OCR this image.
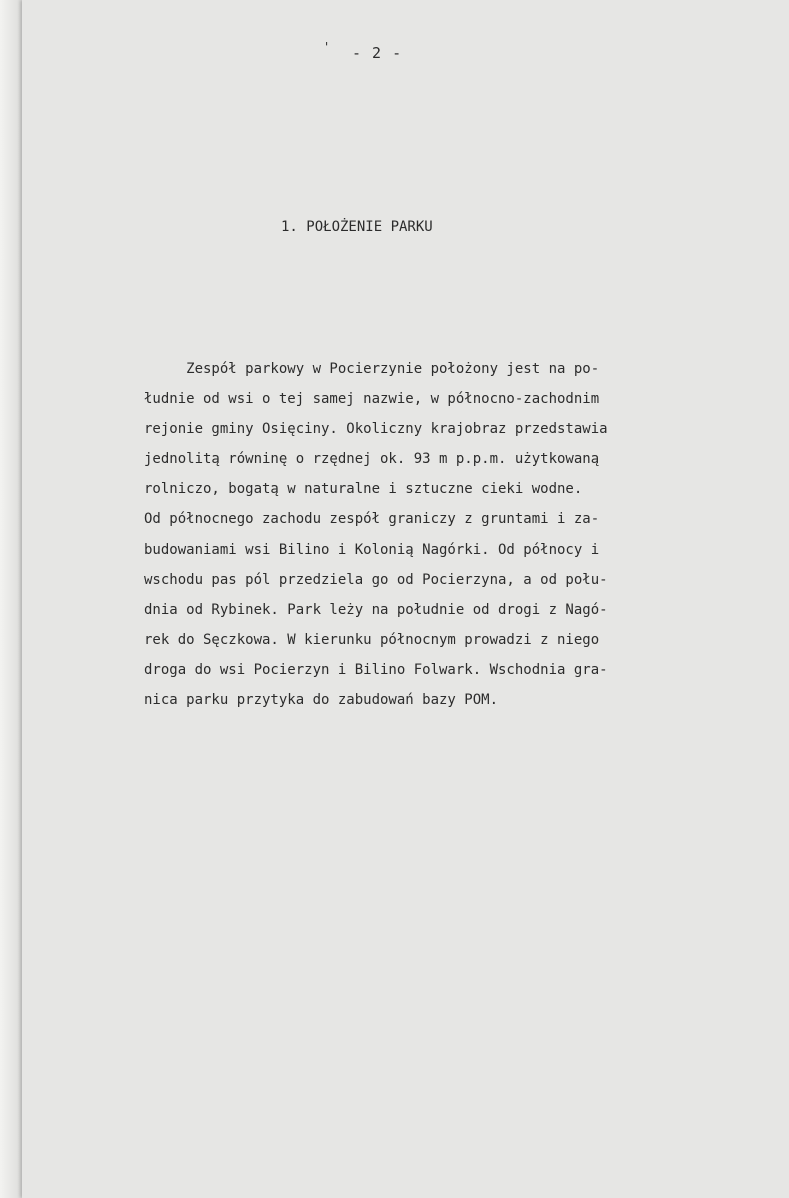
' - 2 -
1. POŁOŻENIE PARKU
Zespół parkowy w Pocierzynie położony jest na po-
łudnie od wsi o tej samej nazwie, w północno-zachodnim
rejonie gminy Osięciny. Okoliczny krajobraz przedstawia
jednolitą równinę o rzędnej ok. 93 m p.p.m. użytkowaną
rolniczo, bogatą w naturalne i sztuczne cieki wodne.
Od północnego zachodu zespół graniczy z gruntami i za-
budowaniami wsi Bilino i Kolonią Nagórki. Od północy i
wschodu pas pól przedziela go od Pocierzyna, a od połu-
dnia od Rybinek. Park leży na południe od drogi z Nagó-
rek do Sęczkowa. W kierunku północnym prowadzi z niego
droga do wsi Pocierzyn i Bilino Folwark. Wschodnia gra-
nica parku przytyka do zabudowań bazy POM.
